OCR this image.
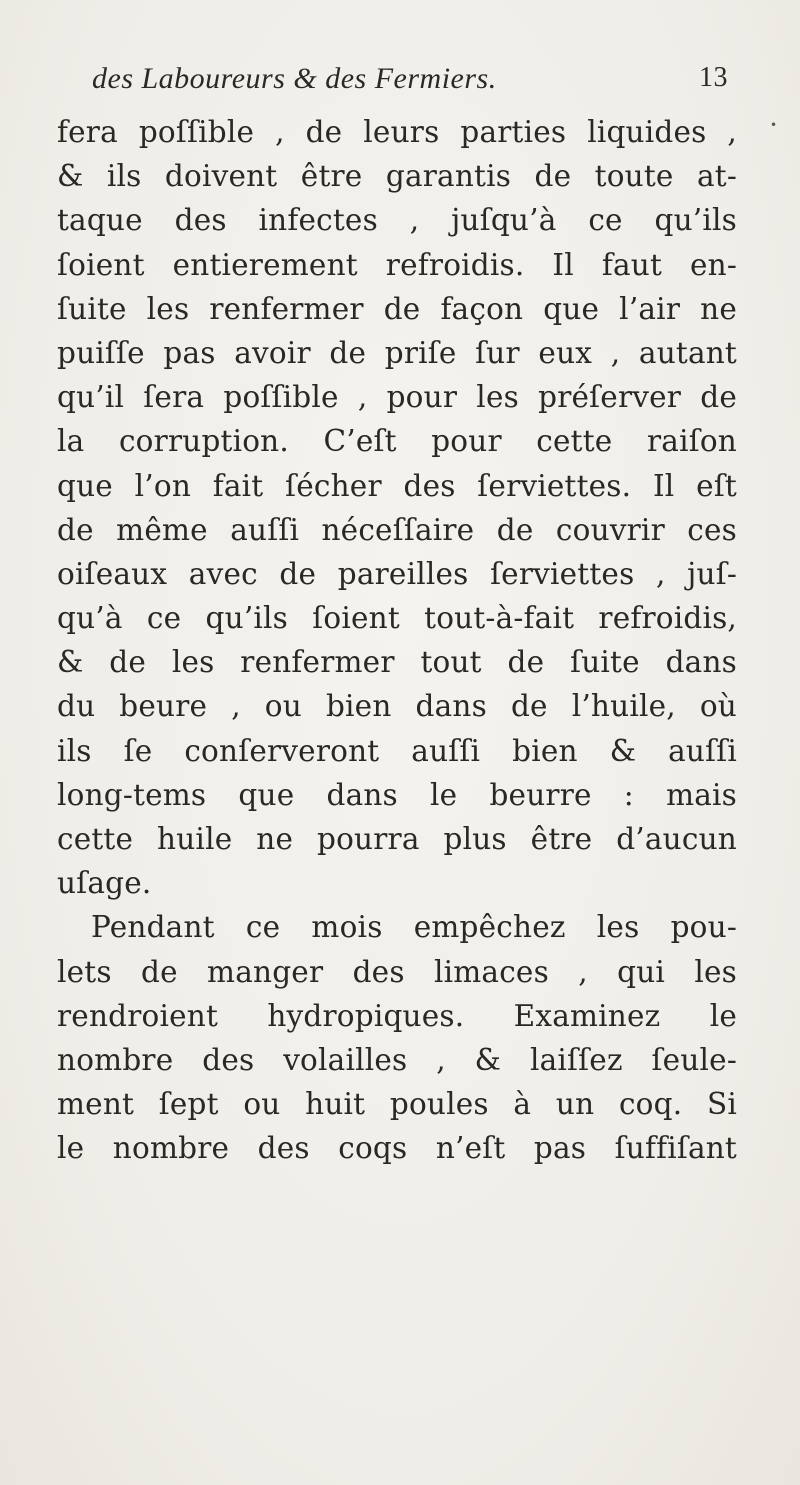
des Laboureurs & des Fermiers.	13
•
fera poſſible , de leurs parties liquides ,
& ils doivent être garantis de toute at-
taque des infectes , juſqu’à ce qu’ils
ſoient entierement refroidis. Il faut en-
ſuite les renfermer de façon que l’air ne
puiſſe pas avoir de priſe ſur eux , autant
qu’il ſera poſſible , pour les préſerver de
la corruption. C’eſt pour cette raiſon
que l’on fait ſécher des ſerviettes. Il eſt
de même auſſi néceſſaire de couvrir ces
oiſeaux avec de pareilles ſerviettes , juſ-
qu’à ce qu’ils ſoient tout-à-fait refroidis,
& de les renfermer tout de ſuite dans
du beure , ou bien dans de l’huile, où
ils ſe conſerveront auſſi bien & auſſi
long-tems que dans le beurre : mais
cette huile ne pourra plus être d’aucun
uſage.
Pendant ce mois empêchez les pou-
lets de manger des limaces , qui les
rendroient hydropiques. Examinez le
nombre des volailles , & laiſſez ſeule-
ment ſept ou huit poules à un coq. Si
le nombre des coqs n’eſt pas ſuffiſant
